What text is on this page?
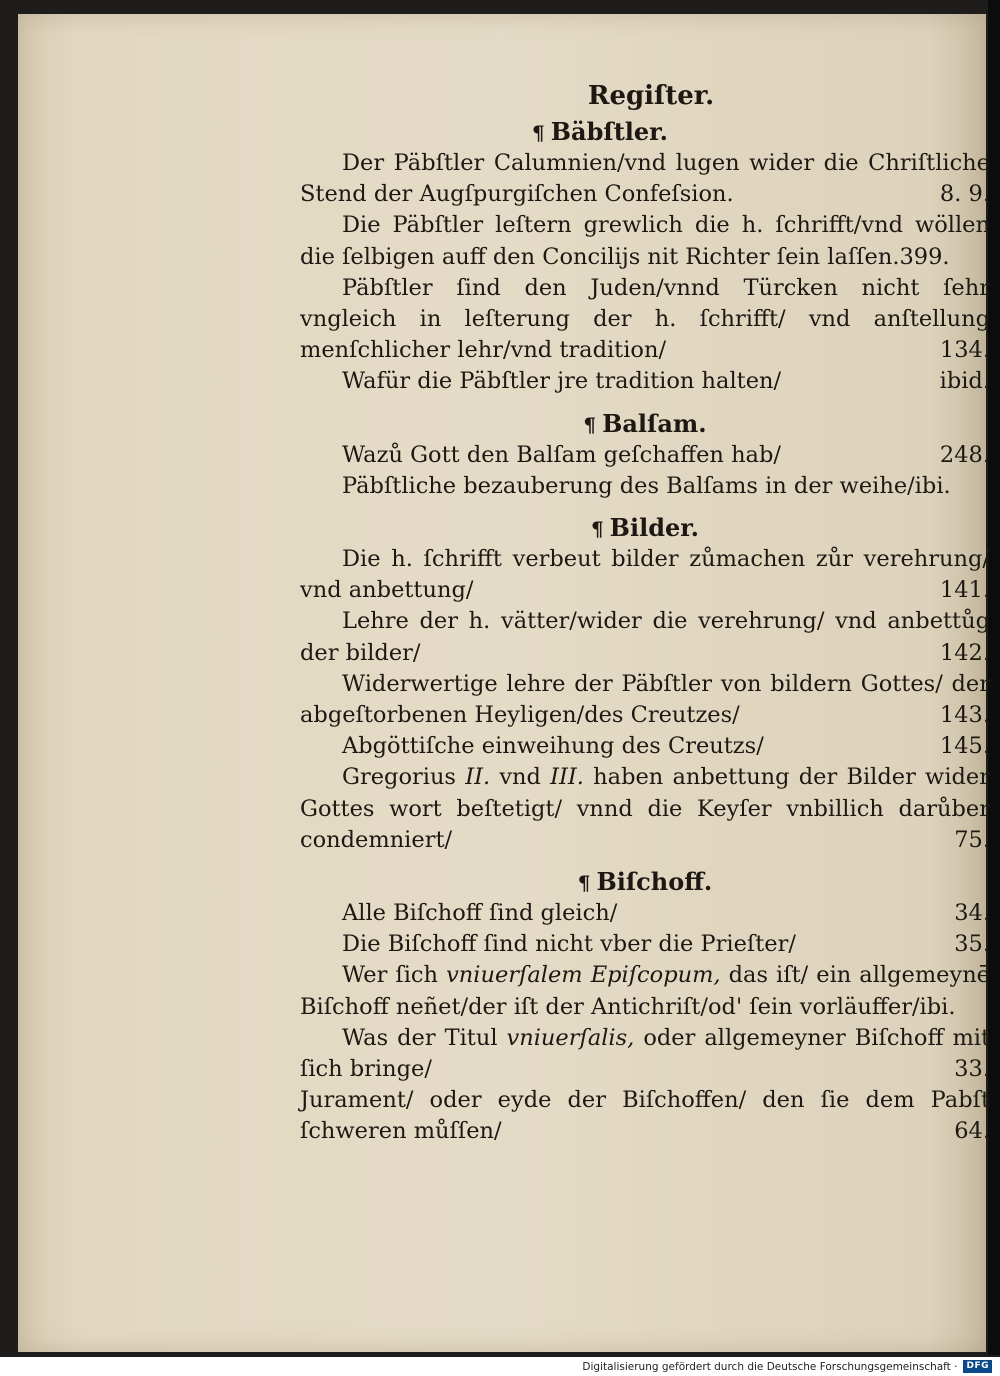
Regiſter.
¶ Bäbſtler.
Der Päbſtler Calumnien/vnd lugen wider die Chriſtliche Stend der Augſpurgiſchen Confeſsion.	8. 9.
Die Päbſtler leſtern grewlich die h. ſchrifft/vnd wöllen die ſelbigen auff den Concilijs nit Richter ſein laſſen.399.
Päbſtler ſind den Juden/vnnd Türcken nicht ſehr vngleich in leſterung der h. ſchrifft/ vnd anſtellung menſchlicher lehr/vnd tradition/	134.
Wafür die Päbſtler jre tradition halten/	ibid.
¶ Balſam.
Wazů Gott den Balſam geſchaffen hab/	248.
Päbſtliche bezauberung des Balſams in der weihe/ibi.
¶ Bilder.
Die h. ſchrifft verbeut bilder zůmachen zůr verehrung/ vnd anbettung/	141.
Lehre der h. vätter/wider die verehrung/ vnd anbettůg der bilder/	142.
Widerwertige lehre der Päbſtler von bildern Gottes/ der abgeſtorbenen Heyligen/des Creutzes/	143.
Abgöttiſche einweihung des Creutzs/	145.
Gregorius II. vnd III. haben anbettung der Bilder wider Gottes wort beſtetigt/ vnnd die Keyſer vnbillich darůber condemniert/	75.
¶ Biſchoff.
Alle Biſchoff ſind gleich/	34.
Die Biſchoff ſind nicht vber die Prieſter/	35.
Wer ſich vniuerſalem Epiſcopum, das iſt/ ein allgemeynē Biſchoff neñet/der iſt der Antichriſt/od' ſein vorläuffer/ibi.
Was der Titul vniuerſalis, oder allgemeyner Biſchoff mit ſich bringe/	33.
Jurament/ oder eyde der Biſchoffen/ den ſie dem Pabſt ſchweren můſſen/	64.
Digitalisierung gefördert durch die Deutsche Forschungsgemeinschaft ·	DFG
